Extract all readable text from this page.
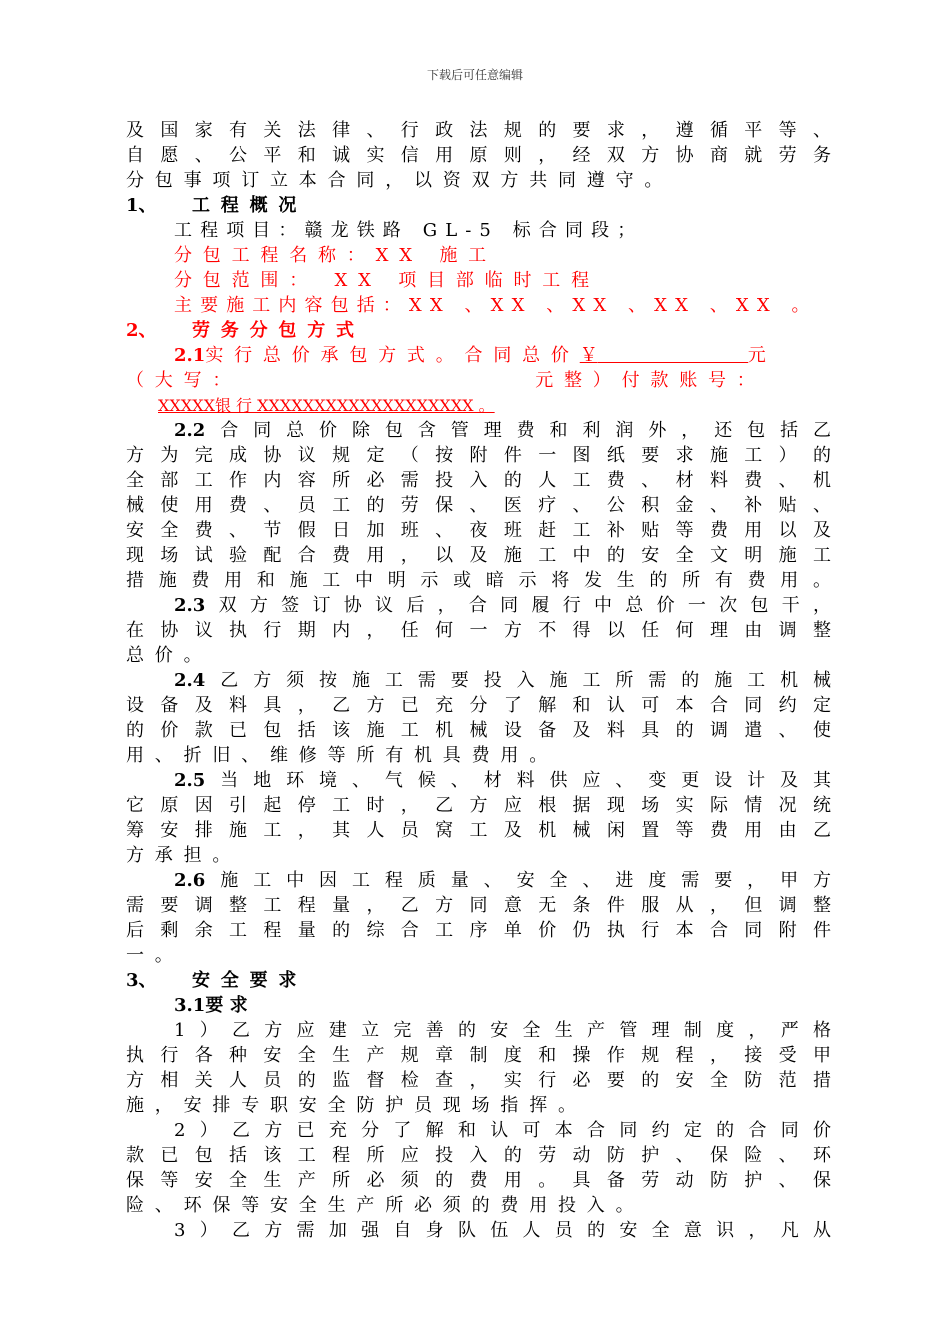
下载后可任意编辑
及国家有关法律、行政法规的要求，遵循平等、
自愿、公平和诚实信用原则，经双方协商就劳务
分包事项订立本合同，以资双方共同遵守。
1、 工程概况
工程项目：赣龙铁路 GL-5 标合同段；
分包工程名称：XX 施工
分包范围： XX 项目部临时工程
主要施工内容包括：XX 、XX 、XX 、XX 、XX 。
2、 劳务分包方式
2.1实行总价承包方式。合同总价￥	元
（大写：	元整）付款账号：
XXXXX银 行 XXXXXXXXXXXXXXXXXXX 。
2.2合同总价除包含管理费和利润外，还包括乙
方为完成协议规定（按附件一图纸要求施工）的
全部工作内容所必需投入的人工费、材料费、机
械使用费、员工的劳保、医疗、公积金、补贴、
安全费、节假日加班、夜班赶工补贴等费用以及
现场试验配合费用，以及施工中的安全文明施工
措施费用和施工中明示或暗示将发生的所有费用。
2.3双方签订协议后，合同履行中总价一次包干，
在协议执行期内，任何一方不得以任何理由调整
总价。
2.4乙方须按施工需要投入施工所需的施工机械
设备及料具，乙方已充分了解和认可本合同约定
的价款已包括该施工机械设备及料具的调遣、使
用、折旧、维修等所有机具费用。
2.5当地环境、气候、材料供应、变更设计及其
它原因引起停工时，乙方应根据现场实际情况统
筹安排施工，其人员窝工及机械闲置等费用由乙
方承担。
2.6施工中因工程质量、安全、进度需要，甲方
需要调整工程量，乙方同意无条件服从，但调整
后剩余工程量的综合工序单价仍执行本合同附件
一。
3、 安全要求
3.1要 求
1）乙方应建立完善的安全生产管理制度，严格
执行各种安全生产规章制度和操作规程，接受甲
方相关人员的监督检查，实行必要的安全防范措
施，安排专职安全防护员现场指挥。
2）乙方已充分了解和认可本合同约定的合同价
款已包括该工程所应投入的劳动防护、保险、环
保等安全生产所必须的费用。具备劳动防护、保
险、环保等安全生产所必须的费用投入。
3）乙方需加强自身队伍人员的安全意识，凡从
